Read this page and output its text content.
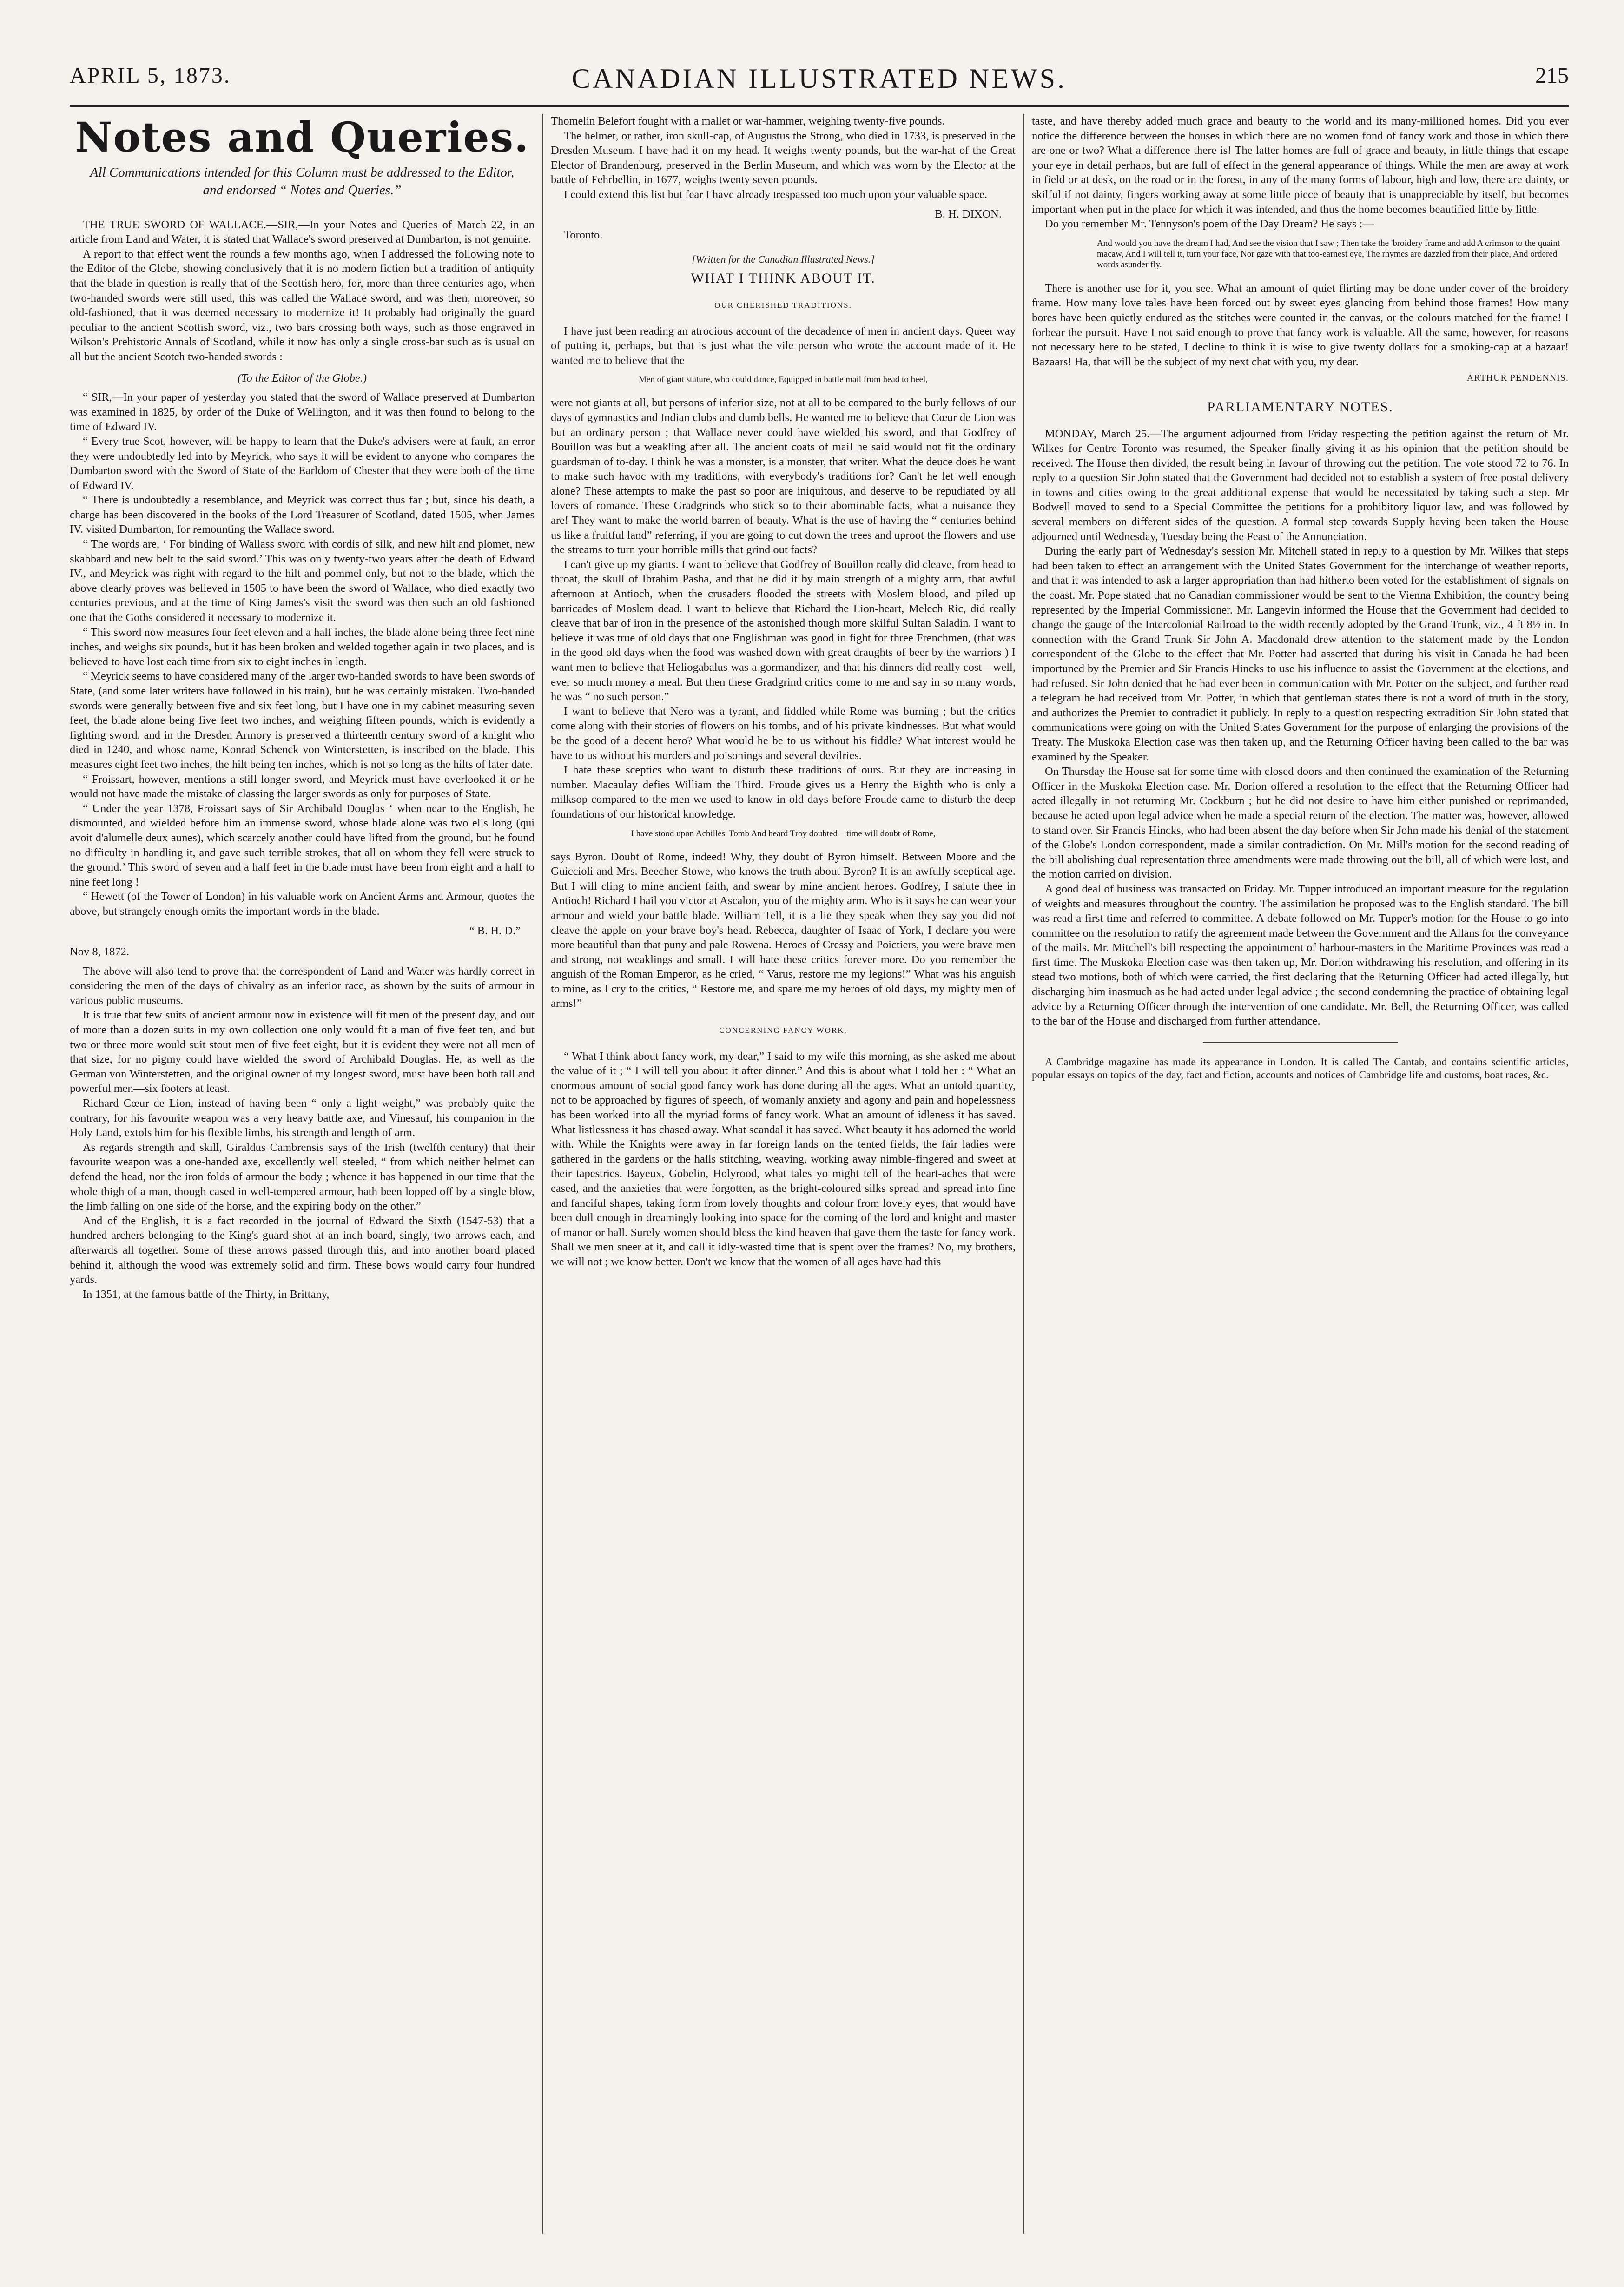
APRIL 5, 1873.	CANADIAN ILLUSTRATED NEWS.	215
Notes and Queries.
All Communications intended for this Column must be addressed to the Editor, and endorsed “ Notes and Queries.”

THE TRUE SWORD OF WALLACE.—SIR,—In your Notes and Queries of March 22, in an article from Land and Water, it is stated that Wallace's sword preserved at Dumbarton, is not genuine.

A report to that effect went the rounds a few months ago, when I addressed the following note to the Editor of the Globe, showing conclusively that it is no modern fiction but a tradition of antiquity that the blade in question is really that of the Scottish hero, for, more than three centuries ago, when two-handed swords were still used, this was called the Wallace sword, and was then, moreover, so old-fashioned, that it was deemed necessary to modernize it! It probably had originally the guard peculiar to the ancient Scottish sword, viz., two bars crossing both ways, such as those engraved in Wilson's Prehistoric Annals of Scotland, while it now has only a single cross-bar such as is usual on all but the ancient Scotch two-handed swords :

(To the Editor of the Globe.)

“ SIR,—In your paper of yesterday you stated that the sword of Wallace preserved at Dumbarton was examined in 1825, by order of the Duke of Wellington, and it was then found to belong to the time of Edward IV.

“ Every true Scot, however, will be happy to learn that the Duke's advisers were at fault, an error they were undoubtedly led into by Meyrick, who says it will be evident to anyone who compares the Dumbarton sword with the Sword of State of the Earldom of Chester that they were both of the time of Edward IV.

“ There is undoubtedly a resemblance, and Meyrick was correct thus far ; but, since his death, a charge has been discovered in the books of the Lord Treasurer of Scotland, dated 1505, when James IV. visited Dumbarton, for remounting the Wallace sword.

“ The words are, ‘ For binding of Wallass sword with cordis of silk, and new hilt and plomet, new skabbard and new belt to the said sword.’ This was only twenty-two years after the death of Edward IV., and Meyrick was right with regard to the hilt and pommel only, but not to the blade, which the above clearly proves was believed in 1505 to have been the sword of Wallace, who died exactly two centuries previous, and at the time of King James's visit the sword was then such an old fashioned one that the Goths considered it necessary to modernize it.

“ This sword now measures four feet eleven and a half inches, the blade alone being three feet nine inches, and weighs six pounds, but it has been broken and welded together again in two places, and is believed to have lost each time from six to eight inches in length.

“ Meyrick seems to have considered many of the larger two-handed swords to have been swords of State, (and some later writers have followed in his train), but he was certainly mistaken. Two-handed swords were generally between five and six feet long, but I have one in my cabinet measuring seven feet, the blade alone being five feet two inches, and weighing fifteen pounds, which is evidently a fighting sword, and in the Dresden Armory is preserved a thirteenth century sword of a knight who died in 1240, and whose name, Konrad Schenck von Winterstetten, is inscribed on the blade. This measures eight feet two inches, the hilt being ten inches, which is not so long as the hilts of later date.

“ Froissart, however, mentions a still longer sword, and Meyrick must have overlooked it or he would not have made the mistake of classing the larger swords as only for purposes of State.

“ Under the year 1378, Froissart says of Sir Archibald Douglas ‘ when near to the English, he dismounted, and wielded before him an immense sword, whose blade alone was two ells long (qui avoit d'alumelle deux aunes), which scarcely another could have lifted from the ground, but he found no difficulty in handling it, and gave such terrible strokes, that all on whom they fell were struck to the ground.’ This sword of seven and a half feet in the blade must have been from eight and a half to nine feet long !

“ Hewett (of the Tower of London) in his valuable work on Ancient Arms and Armour, quotes the above, but strangely enough omits the important words in the blade.

“ B. H. D.”
Nov 8, 1872.

The above will also tend to prove that the correspondent of Land and Water was hardly correct in considering the men of the days of chivalry as an inferior race, as shown by the suits of armour in various public museums.

It is true that few suits of ancient armour now in existence will fit men of the present day, and out of more than a dozen suits in my own collection one only would fit a man of five feet ten, and but two or three more would suit stout men of five feet eight, but it is evident they were not all men of that size, for no pigmy could have wielded the sword of Archibald Douglas. He, as well as the German von Winterstetten, and the original owner of my longest sword, must have been both tall and powerful men—six footers at least.

Richard Cœur de Lion, instead of having been “ only a light weight,” was probably quite the contrary, for his favourite weapon was a very heavy battle axe, and Vinesauf, his companion in the Holy Land, extols him for his flexible limbs, his strength and length of arm.

As regards strength and skill, Giraldus Cambrensis says of the Irish (twelfth century) that their favourite weapon was a one-handed axe, excellently well steeled, “ from which neither helmet can defend the head, nor the iron folds of armour the body ; whence it has happened in our time that the whole thigh of a man, though cased in well-tempered armour, hath been lopped off by a single blow, the limb falling on one side of the horse, and the expiring body on the other.”

And of the English, it is a fact recorded in the journal of Edward the Sixth (1547-53) that a hundred archers belonging to the King's guard shot at an inch board, singly, two arrows each, and afterwards all together. Some of these arrows passed through this, and into another board placed behind it, although the wood was extremely solid and firm. These bows would carry four hundred yards.

In 1351, at the famous battle of the Thirty, in Brittany,

Thomelin Belefort fought with a mallet or war-hammer, weighing twenty-five pounds.

The helmet, or rather, iron skull-cap, of Augustus the Strong, who died in 1733, is preserved in the Dresden Museum. I have had it on my head. It weighs twenty pounds, but the war-hat of the Great Elector of Brandenburg, preserved in the Berlin Museum, and which was worn by the Elector at the battle of Fehrbellin, in 1677, weighs twenty seven pounds.

I could extend this list but fear I have already trespassed too much upon your valuable space.

B. H. DIXON.

Toronto.

[Written for the Canadian Illustrated News.]
WHAT I THINK ABOUT IT.
OUR CHERISHED TRADITIONS.

I have just been reading an atrocious account of the decadence of men in ancient days. Queer way of putting it, perhaps, but that is just what the vile person who wrote the account made of it. He wanted me to believe that the

Men of giant stature, who could dance, Equipped in battle mail from head to heel,

were not giants at all, but persons of inferior size, not at all to be compared to the burly fellows of our days of gymnastics and Indian clubs and dumb bells. He wanted me to believe that Cœur de Lion was but an ordinary person ; that Wallace never could have wielded his sword, and that Godfrey of Bouillon was but a weakling after all. The ancient coats of mail he said would not fit the ordinary guardsman of to-day. I think he was a monster, is a monster, that writer. What the deuce does he want to make such havoc with my traditions, with everybody's traditions for? Can't he let well enough alone? These attempts to make the past so poor are iniquitous, and deserve to be repudiated by all lovers of romance. These Gradgrinds who stick so to their abominable facts, what a nuisance they are! They want to make the world barren of beauty. What is the use of having the “ centuries behind us like a fruitful land” referring, if you are going to cut down the trees and uproot the flowers and use the streams to turn your horrible mills that grind out facts?

I can't give up my giants. I want to believe that Godfrey of Bouillon really did cleave, from head to throat, the skull of Ibrahim Pasha, and that he did it by main strength of a mighty arm, that awful afternoon at Antioch, when the crusaders flooded the streets with Moslem blood, and piled up barricades of Moslem dead. I want to believe that Richard the Lion-heart, Melech Ric, did really cleave that bar of iron in the presence of the astonished though more skilful Sultan Saladin. I want to believe it was true of old days that one Englishman was good in fight for three Frenchmen, (that was in the good old days when the food was washed down with great draughts of beer by the warriors ) I want men to believe that Heliogabalus was a gormandizer, and that his dinners did really cost—well, ever so much money a meal. But then these Gradgrind critics come to me and say in so many words, he was “ no such person.”

I want to believe that Nero was a tyrant, and fiddled while Rome was burning ; but the critics come along with their stories of flowers on his tombs, and of his private kindnesses. But what would be the good of a decent hero? What would he be to us without his fiddle? What interest would he have to us without his murders and poisonings and several devilries.

I hate these sceptics who want to disturb these traditions of ours. But they are increasing in number. Macaulay defies William the Third. Froude gives us a Henry the Eighth who is only a milksop compared to the men we used to know in old days before Froude came to disturb the deep foundations of our historical knowledge.

I have stood upon Achilles' Tomb And heard Troy doubted—time will doubt of Rome,

says Byron. Doubt of Rome, indeed! Why, they doubt of Byron himself. Between Moore and the Guiccioli and Mrs. Beecher Stowe, who knows the truth about Byron? It is an awfully sceptical age. But I will cling to mine ancient faith, and swear by mine ancient heroes. Godfrey, I salute thee in Antioch! Richard I hail you victor at Ascalon, you of the mighty arm. Who is it says he can wear your armour and wield your battle blade. William Tell, it is a lie they speak when they say you did not cleave the apple on your brave boy's head. Rebecca, daughter of Isaac of York, I declare you were more beautiful than that puny and pale Rowena. Heroes of Cressy and Poictiers, you were brave men and strong, not weaklings and small. I will hate these critics forever more. Do you remember the anguish of the Roman Emperor, as he cried, “ Varus, restore me my legions!” What was his anguish to mine, as I cry to the critics, “ Restore me, and spare me my heroes of old days, my mighty men of arms!”

CONCERNING FANCY WORK.

“ What I think about fancy work, my dear,” I said to my wife this morning, as she asked me about the value of it ; “ I will tell you about it after dinner.” And this is about what I told her : “ What an enormous amount of social good fancy work has done during all the ages. What an untold quantity, not to be approached by figures of speech, of womanly anxiety and agony and pain and hopelessness has been worked into all the myriad forms of fancy work. What an amount of idleness it has saved. What listlessness it has chased away. What scandal it has saved. What beauty it has adorned the world with. While the Knights were away in far foreign lands on the tented fields, the fair ladies were gathered in the gardens or the halls stitching, weaving, working away nimble-fingered and sweet at their tapestries. Bayeux, Gobelin, Holyrood, what tales yo might tell of the heart-aches that were eased, and the anxieties that were forgotten, as the bright-coloured silks spread and spread into fine and fanciful shapes, taking form from lovely thoughts and colour from lovely eyes, that would have been dull enough in dreamingly looking into space for the coming of the lord and knight and master of manor or hall. Surely women should bless the kind heaven that gave them the taste for fancy work. Shall we men sneer at it, and call it idly-wasted time that is spent over the frames? No, my brothers, we will not ; we know better. Don't we know that the women of all ages have had this

taste, and have thereby added much grace and beauty to the world and its many-millioned homes. Did you ever notice the difference between the houses in which there are no women fond of fancy work and those in which there are one or two? What a difference there is! The latter homes are full of grace and beauty, in little things that escape your eye in detail perhaps, but are full of effect in the general appearance of things. While the men are away at work in field or at desk, on the road or in the forest, in any of the many forms of labour, high and low, there are dainty, or skilful if not dainty, fingers working away at some little piece of beauty that is unappreciable by itself, but becomes important when put in the place for which it was intended, and thus the home becomes beautified little by little.

Do you remember Mr. Tennyson's poem of the Day Dream? He says :—

And would you have the dream I had, And see the vision that I saw ; Then take the 'broidery frame and add A crimson to the quaint macaw, And I will tell it, turn your face, Nor gaze with that too-earnest eye, The rhymes are dazzled from their place, And ordered words asunder fly.

There is another use for it, you see. What an amount of quiet flirting may be done under cover of the broidery frame. How many love tales have been forced out by sweet eyes glancing from behind those frames! How many bores have been quietly endured as the stitches were counted in the canvas, or the colours matched for the frame! I forbear the pursuit. Have I not said enough to prove that fancy work is valuable. All the same, however, for reasons not necessary here to be stated, I decline to think it is wise to give twenty dollars for a smoking-cap at a bazaar! Bazaars! Ha, that will be the subject of my next chat with you, my dear.

ARTHUR PENDENNIS.
PARLIAMENTARY NOTES.

MONDAY, March 25.—The argument adjourned from Friday respecting the petition against the return of Mr. Wilkes for Centre Toronto was resumed, the Speaker finally giving it as his opinion that the petition should be received. The House then divided, the result being in favour of throwing out the petition. The vote stood 72 to 76. In reply to a question Sir John stated that the Government had decided not to establish a system of free postal delivery in towns and cities owing to the great additional expense that would be necessitated by taking such a step. Mr Bodwell moved to send to a Special Committee the petitions for a prohibitory liquor law, and was followed by several members on different sides of the question. A formal step towards Supply having been taken the House adjourned until Wednesday, Tuesday being the Feast of the Annunciation.

During the early part of Wednesday's session Mr. Mitchell stated in reply to a question by Mr. Wilkes that steps had been taken to effect an arrangement with the United States Government for the interchange of weather reports, and that it was intended to ask a larger appropriation than had hitherto been voted for the establishment of signals on the coast. Mr. Pope stated that no Canadian commissioner would be sent to the Vienna Exhibition, the country being represented by the Imperial Commissioner. Mr. Langevin informed the House that the Government had decided to change the gauge of the Intercolonial Railroad to the width recently adopted by the Grand Trunk, viz., 4 ft 8½ in. In connection with the Grand Trunk Sir John A. Macdonald drew attention to the statement made by the London correspondent of the Globe to the effect that Mr. Potter had asserted that during his visit in Canada he had been importuned by the Premier and Sir Francis Hincks to use his influence to assist the Government at the elections, and had refused. Sir John denied that he had ever been in communication with Mr. Potter on the subject, and further read a telegram he had received from Mr. Potter, in which that gentleman states there is not a word of truth in the story, and authorizes the Premier to contradict it publicly. In reply to a question respecting extradition Sir John stated that communications were going on with the United States Government for the purpose of enlarging the provisions of the Treaty. The Muskoka Election case was then taken up, and the Returning Officer having been called to the bar was examined by the Speaker.

On Thursday the House sat for some time with closed doors and then continued the examination of the Returning Officer in the Muskoka Election case. Mr. Dorion offered a resolution to the effect that the Returning Officer had acted illegally in not returning Mr. Cockburn ; but he did not desire to have him either punished or reprimanded, because he acted upon legal advice when he made a special return of the election. The matter was, however, allowed to stand over. Sir Francis Hincks, who had been absent the day before when Sir John made his denial of the statement of the Globe's London correspondent, made a similar contradiction. On Mr. Mill's motion for the second reading of the bill abolishing dual representation three amendments were made throwing out the bill, all of which were lost, and the motion carried on division.

A good deal of business was transacted on Friday. Mr. Tupper introduced an important measure for the regulation of weights and measures throughout the country. The assimilation he proposed was to the English standard. The bill was read a first time and referred to committee. A debate followed on Mr. Tupper's motion for the House to go into committee on the resolution to ratify the agreement made between the Government and the Allans for the conveyance of the mails. Mr. Mitchell's bill respecting the appointment of harbour-masters in the Maritime Provinces was read a first time. The Muskoka Election case was then taken up, Mr. Dorion withdrawing his resolution, and offering in its stead two motions, both of which were carried, the first declaring that the Returning Officer had acted illegally, but discharging him inasmuch as he had acted under legal advice ; the second condemning the practice of obtaining legal advice by a Returning Officer through the intervention of one candidate. Mr. Bell, the Returning Officer, was called to the bar of the House and discharged from further attendance.

A Cambridge magazine has made its appearance in London. It is called The Cantab, and contains scientific articles, popular essays on topics of the day, fact and fiction, accounts and notices of Cambridge life and customs, boat races, &c.
